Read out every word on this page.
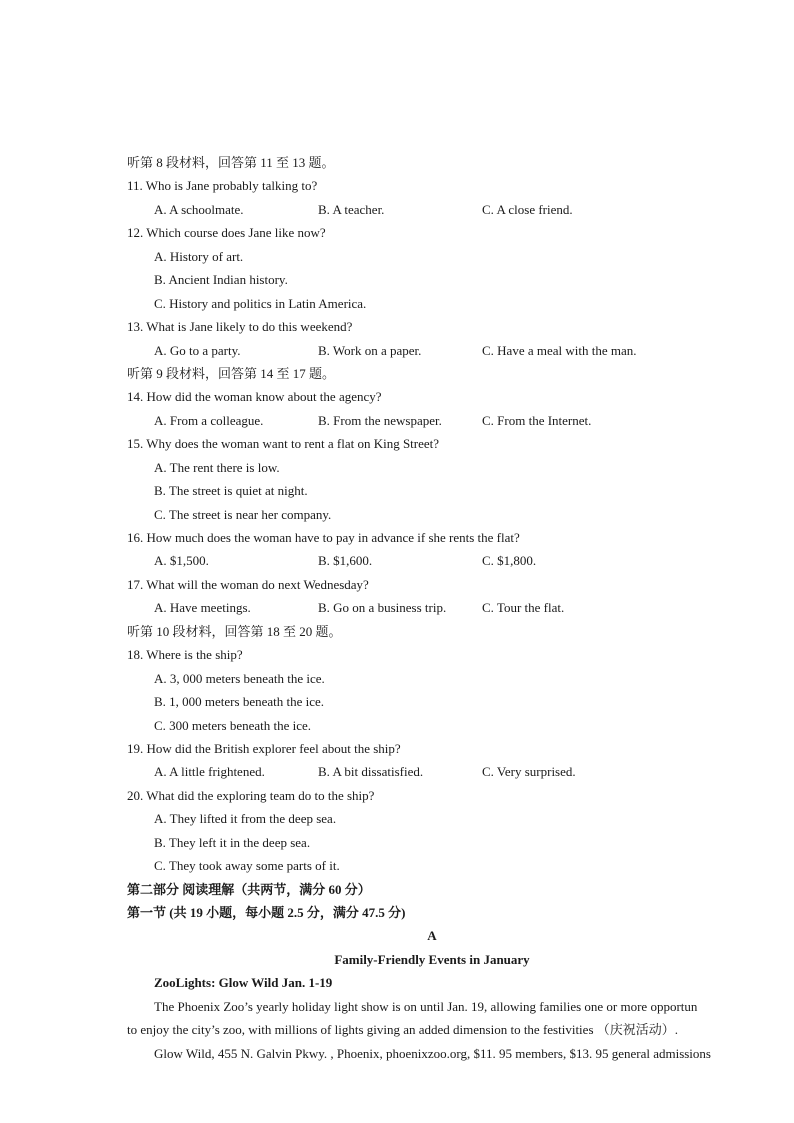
听第 8 段材料，回答第 11 至 13 题。
11. Who is Jane probably talking to?
A. A schoolmate.	B. A teacher.	C. A close friend.
12. Which course does Jane like now?
A. History of art.
B. Ancient Indian history.
C. History and politics in Latin America.
13. What is Jane likely to do this weekend?
A. Go to a party.	B. Work on a paper.	C. Have a meal with the man.
听第 9 段材料，回答第 14 至 17 题。
14. How did the woman know about the agency?
A. From a colleague.	B. From the newspaper.	C. From the Internet.
15. Why does the woman want to rent a flat on King Street?
A. The rent there is low.
B. The street is quiet at night.
C. The street is near her company.
16. How much does the woman have to pay in advance if she rents the flat?
A. $1,500.	B. $1,600.	C. $1,800.
17. What will the woman do next Wednesday?
A. Have meetings.	B. Go on a business trip.	C. Tour the flat.
听第 10 段材料，回答第 18 至 20 题。
18. Where is the ship?
A. 3, 000 meters beneath the ice.
B. 1, 000 meters beneath the ice.
C. 300 meters beneath the ice.
19. How did the British explorer feel about the ship?
A. A little frightened.	B. A bit dissatisfied.	C. Very surprised.
20. What did the exploring team do to the ship?
A. They lifted it from the deep sea.
B. They left it in the deep sea.
C. They took away some parts of it.
第二部分 阅读理解（共两节，满分 60 分）
第一节 (共 19 小题，每小题 2.5 分，满分 47.5 分)
A
Family-Friendly Events in January
ZooLights: Glow Wild Jan. 1-19
The Phoenix Zoo’s yearly holiday light show is on until Jan. 19, allowing families one or more opportun
to enjoy the city’s zoo, with millions of lights giving an added dimension to the festivities （庆祝活动）.
Glow Wild, 455 N. Galvin Pkwy. , Phoenix, phoenixzoo.org, $11. 95 members, $13. 95 general admissions
